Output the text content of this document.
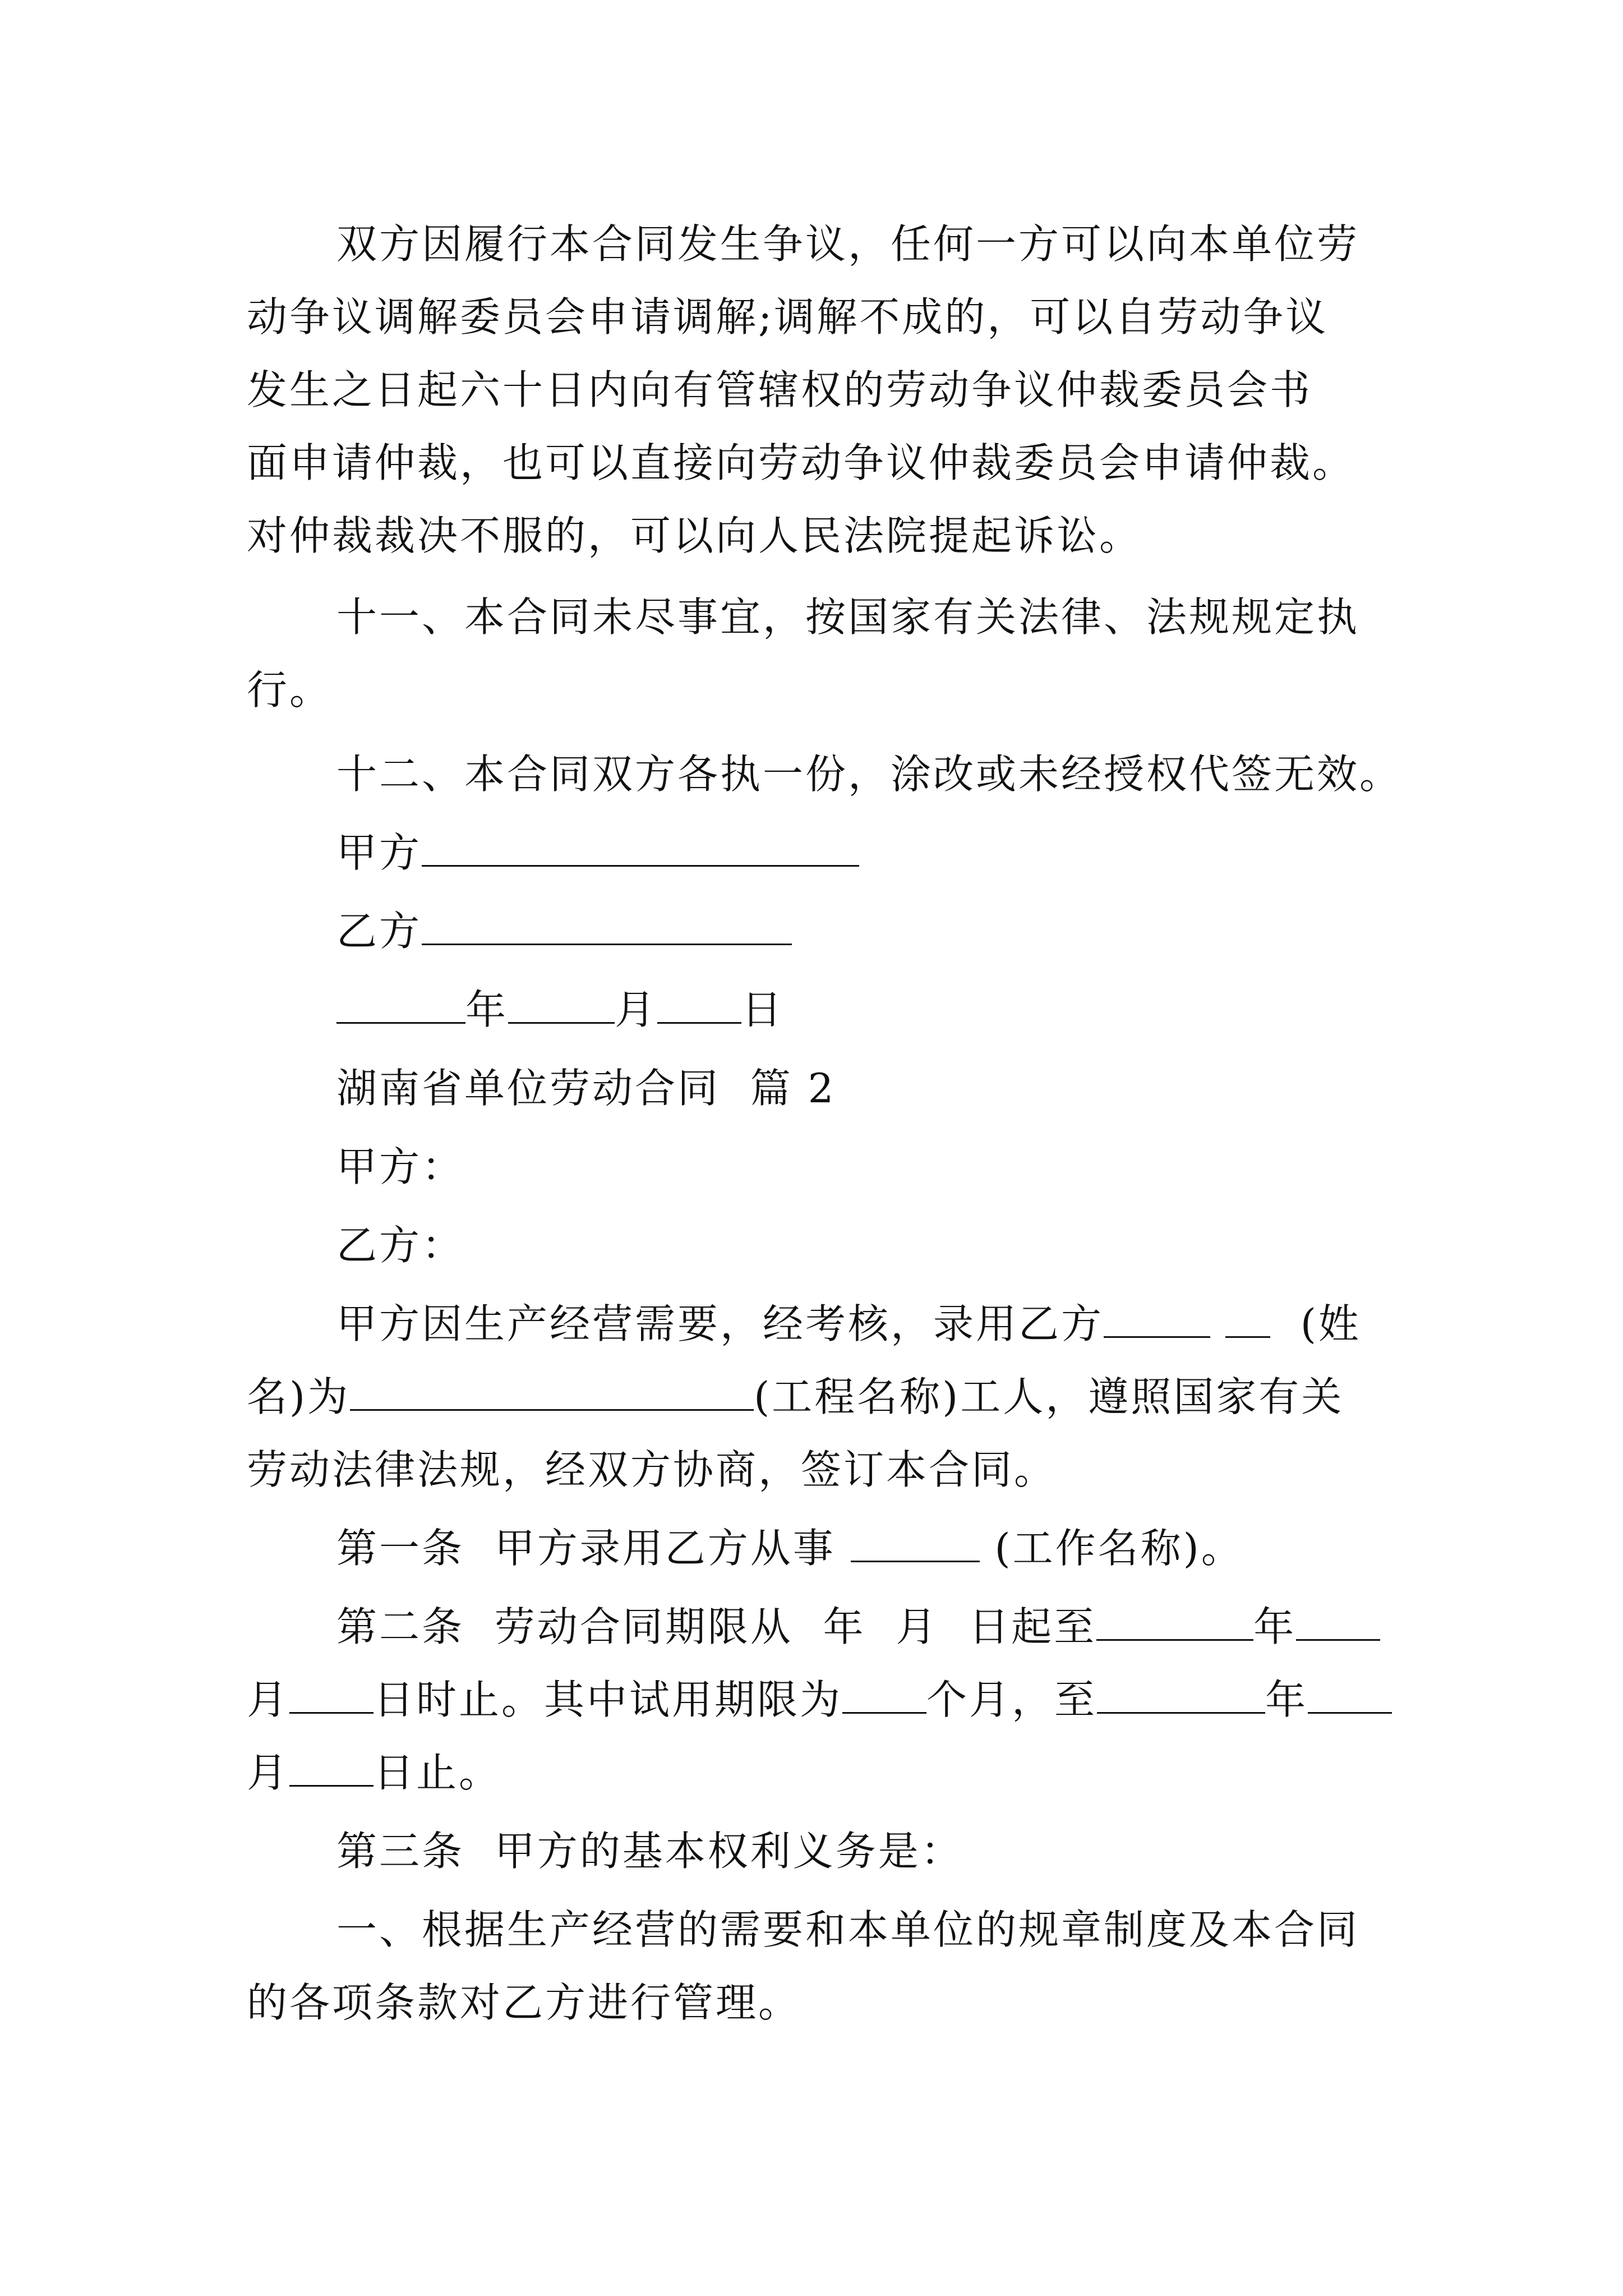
双方因履行本合同发生争议，任何一方可以向本单位劳
动争议调解委员会申请调解;调解不成的，可以自劳动争议
发生之日起六十日内向有管辖权的劳动争议仲裁委员会书
面申请仲裁，也可以直接向劳动争议仲裁委员会申请仲裁。
对仲裁裁决不服的，可以向人民法院提起诉讼。
十一、本合同未尽事宜，按国家有关法律、法规规定执
行。
十二、本合同双方各执一份，涂改或未经授权代签无效。
甲方
乙方
年	月 日
湖南省单位劳动合同  篇 2
甲方：
乙方：
甲方因生产经营需要，经考核，录用乙方	(姓
名)为	(工程名称)工人，遵照国家有关
劳动法律法规，经双方协商，签订本合同。
第一条  甲方录用乙方从事	(工作名称)。
第二条  劳动合同期限从  年  月  日起至	年
月 日时止。其中试用期限为 个月，至	年
月 日止。
第三条  甲方的基本权利义务是：
一、根据生产经营的需要和本单位的规章制度及本合同
的各项条款对乙方进行管理。
